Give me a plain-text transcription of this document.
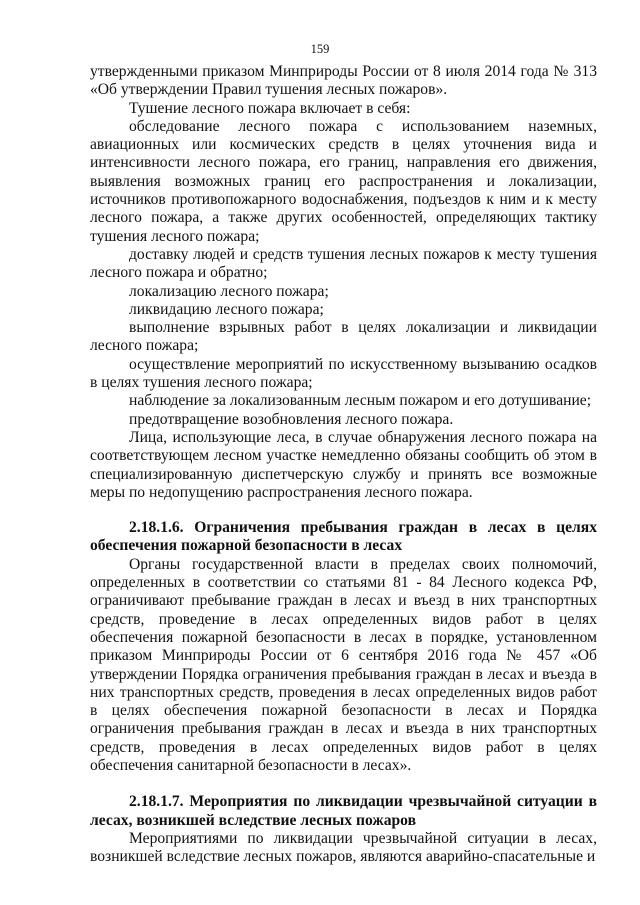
159

утвержденными приказом Минприроды России от 8 июля 2014 года № 313 «Об утверждении Правил тушения лесных пожаров».

Тушение лесного пожара включает в себя:

обследование лесного пожара с использованием наземных, авиационных или космических средств в целях уточнения вида и интенсивности лесного пожара, его границ, направления его движения, выявления возможных границ его распространения и локализации, источников противопожарного водоснабжения, подъездов к ним и к месту лесного пожара, а также других особенностей, определяющих тактику тушения лесного пожара;

доставку людей и средств тушения лесных пожаров к месту тушения лесного пожара и обратно;

локализацию лесного пожара;

ликвидацию лесного пожара;

выполнение взрывных работ в целях локализации и ликвидации лесного пожара;

осуществление мероприятий по искусственному вызыванию осадков в целях тушения лесного пожара;

наблюдение за локализованным лесным пожаром и его дотушивание;

предотвращение возобновления лесного пожара.

Лица, использующие леса, в случае обнаружения лесного пожара на соответствующем лесном участке немедленно обязаны сообщить об этом в специализированную диспетчерскую службу и принять все возможные меры по недопущению распространения лесного пожара.

2.18.1.6. Ограничения пребывания граждан в лесах в целях обеспечения пожарной безопасности в лесах

Органы государственной власти в пределах своих полномочий, определенных в соответствии со статьями 81 - 84 Лесного кодекса РФ, ограничивают пребывание граждан в лесах и въезд в них транспортных средств, проведение в лесах определенных видов работ в целях обеспечения пожарной безопасности в лесах в порядке, установленном приказом Минприроды России от 6 сентября 2016 года № 457 «Об утверждении Порядка ограничения пребывания граждан в лесах и въезда в них транспортных средств, проведения в лесах определенных видов работ в целях обеспечения пожарной безопасности в лесах и Порядка ограничения пребывания граждан в лесах и въезда в них транспортных средств, проведения в лесах определенных видов работ в целях обеспечения санитарной безопасности в лесах».

2.18.1.7. Мероприятия по ликвидации чрезвычайной ситуации в лесах, возникшей вследствие лесных пожаров

Мероприятиями по ликвидации чрезвычайной ситуации в лесах, возникшей вследствие лесных пожаров, являются аварийно-спасательные и
